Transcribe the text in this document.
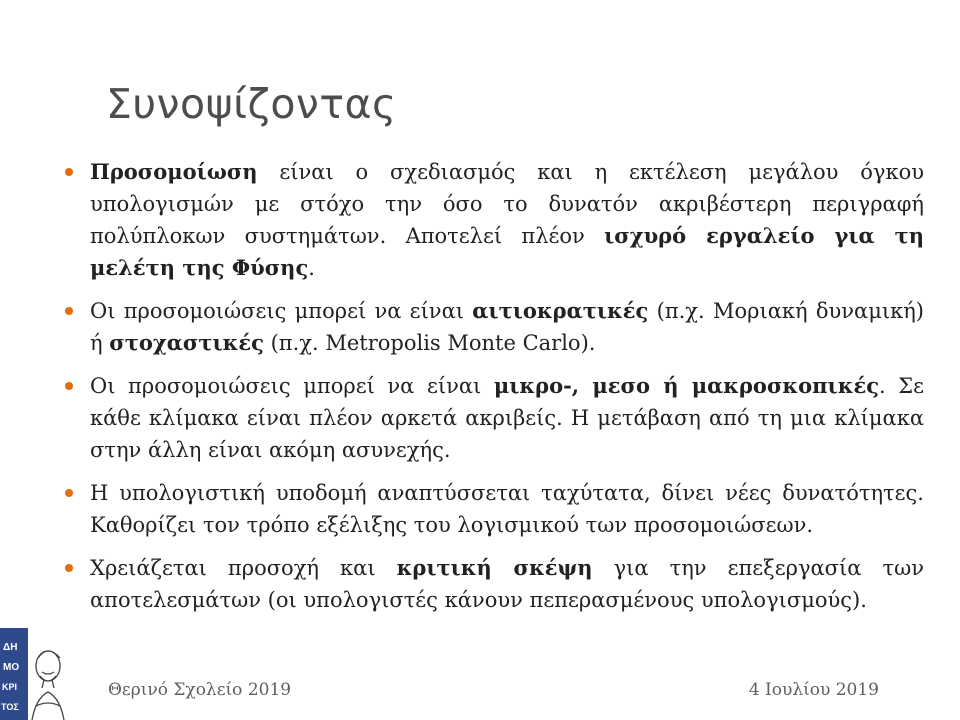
Συνοψίζοντας
Προσομοίωση είναι ο σχεδιασμός και η εκτέλεση μεγάλου όγκου υπολογισμών με στόχο την όσο το δυνατόν ακριβέστερη περιγραφή πολύπλοκων συστημάτων. Αποτελεί πλέον ισχυρό εργαλείο για τη μελέτη της Φύσης.
Οι προσομοιώσεις μπορεί να είναι αιτιοκρατικές (π.χ. Μοριακή δυναμική) ή στοχαστικές (π.χ. Metropolis Monte Carlo).
Οι προσομοιώσεις μπορεί να είναι μικρο-, μεσο ή μακροσκοπικές. Σε κάθε κλίμακα είναι πλέον αρκετά ακριβείς. Η μετάβαση από τη μια κλίμακα στην άλλη είναι ακόμη ασυνεχής.
Η υπολογιστική υποδομή αναπτύσσεται ταχύτατα, δίνει νέες δυνατότητες. Καθορίζει τον τρόπο εξέλιξης του λογισμικού των προσομοιώσεων.
Χρειάζεται προσοχή και κριτική σκέψη για την επεξεργασία των αποτελεσμάτων (οι υπολογιστές κάνουν πεπερασμένους υπολογισμούς).
Θερινό Σχολείο 2019	4 Ιουλίου 2019
ΔΗ
ΜΟ
ΚΡΙ
ΤΟΣ
